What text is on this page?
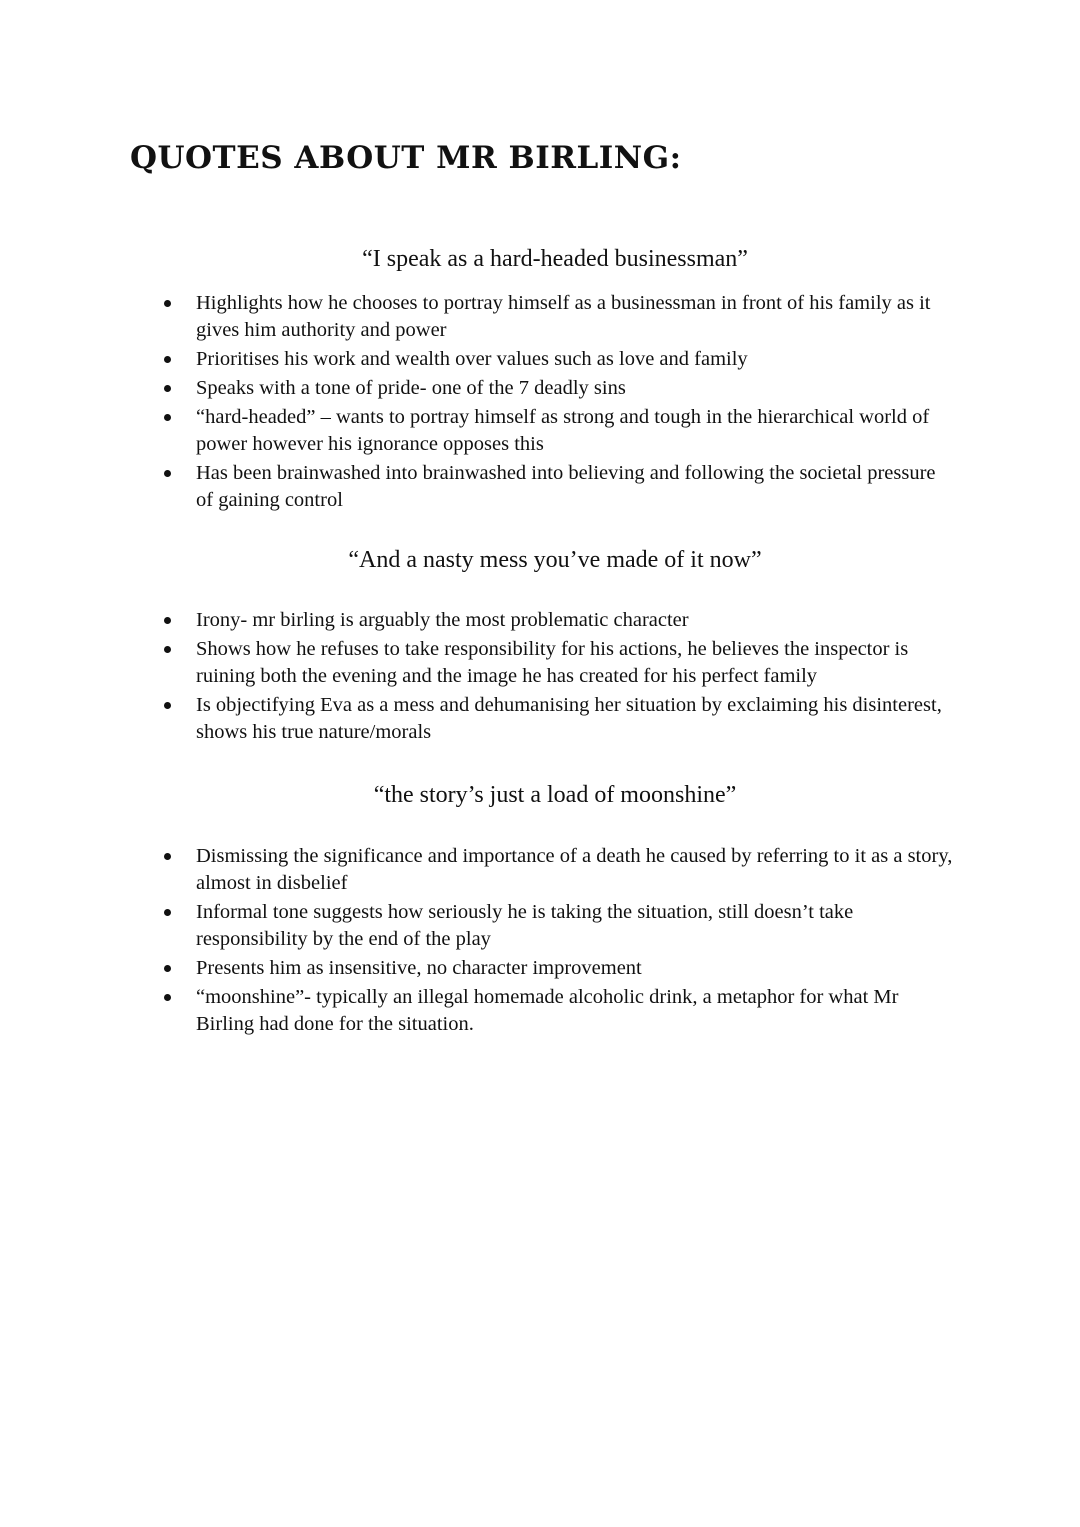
QUOTES ABOUT MR BIRLING:

“I speak as a hard-headed businessman”

Highlights how he chooses to portray himself as a businessman in front of his family as it gives him authority and power
Prioritises his work and wealth over values such as love and family
Speaks with a tone of pride- one of the 7 deadly sins
“hard-headed” – wants to portray himself as strong and tough in the hierarchical world of power however his ignorance opposes this
Has been brainwashed into brainwashed into believing and following the societal pressure of gaining control

“And a nasty mess you’ve made of it now”

Irony- mr birling is arguably the most problematic character
Shows how he refuses to take responsibility for his actions, he believes the inspector is ruining both the evening and the image he has created for his perfect family
Is objectifying Eva as a mess and dehumanising her situation by exclaiming his disinterest, shows his true nature/morals

“the story’s just a load of moonshine”

Dismissing the significance and importance of a death he caused by referring to it as a story, almost in disbelief
Informal tone suggests how seriously he is taking the situation, still doesn’t take responsibility by the end of the play
Presents him as insensitive, no character improvement
“moonshine”- typically an illegal homemade alcoholic drink, a metaphor for what Mr Birling had done for the situation.
